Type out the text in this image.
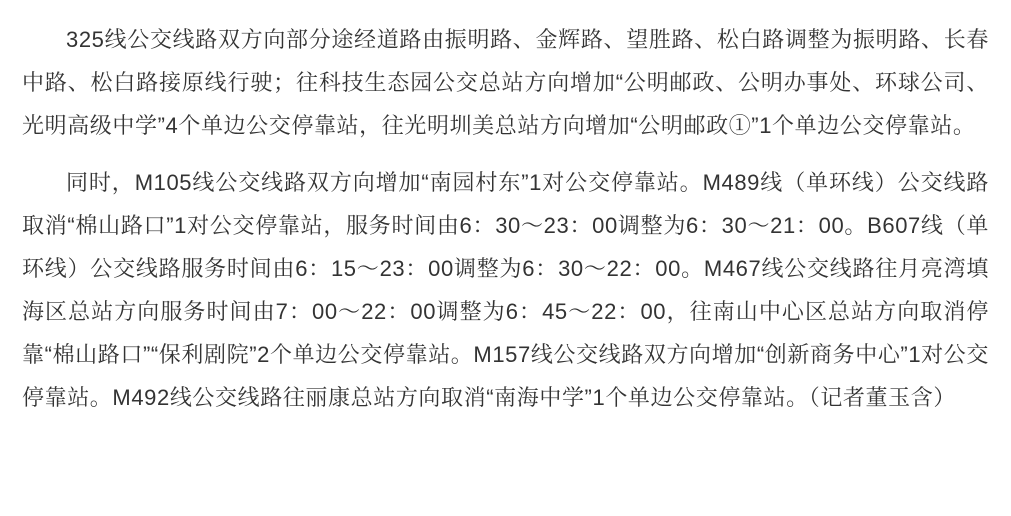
325线公交线路双方向部分途经道路由振明路、金辉路、望胜路、松白路调整为振明路、长春中路、松白路接原线行驶；往科技生态园公交总站方向增加“公明邮政、公明办事处、环球公司、光明高级中学”4个单边公交停靠站，往光明圳美总站方向增加“公明邮政①”1个单边公交停靠站。

同时，M105线公交线路双方向增加“南园村东”1对公交停靠站。M489线（单环线）公交线路取消“棉山路口”1对公交停靠站，服务时间由6：30～23：00调整为6：30～21：00。B607线（单环线）公交线路服务时间由6：15～23：00调整为6：30～22：00。M467线公交线路往月亮湾填海区总站方向服务时间由7：00～22：00调整为6：45～22：00，往南山中心区总站方向取消停靠“棉山路口”“保利剧院”2个单边公交停靠站。M157线公交线路双方向增加“创新商务中心”1对公交停靠站。M492线公交线路往丽康总站方向取消“南海中学”1个单边公交停靠站。（记者董玉含）
